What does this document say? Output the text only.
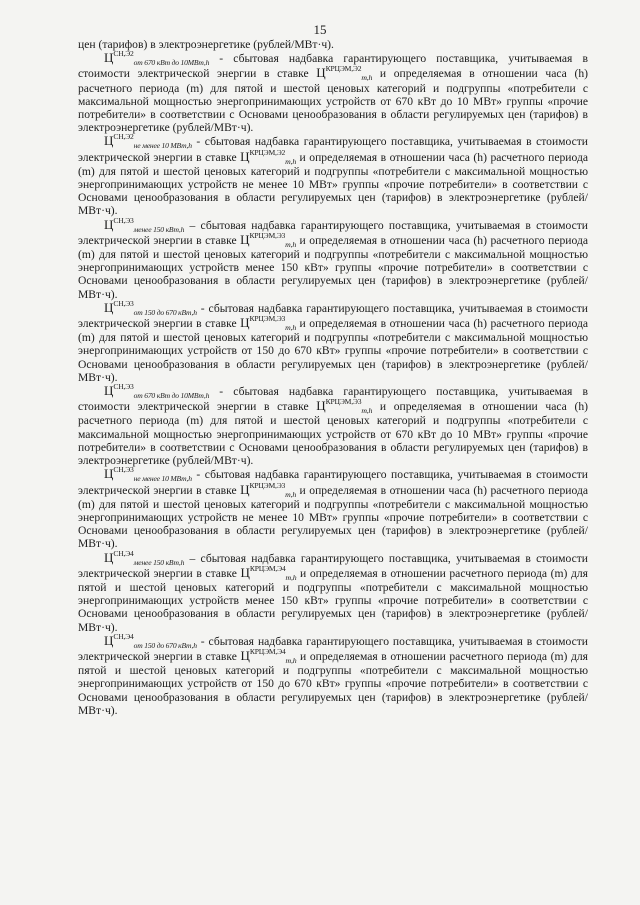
15

цен (тарифов) в электроэнергетике (рублей/МВт·ч).

$Ц^{СН,Э2}_{от 670 кВт до 10МВт,h}$ - сбытовая надбавка гарантирующего поставщика, учитываемая в стоимости электрической энергии в ставке $Ц^{КРЦЭМ,Э2}_{m,h}$ и определяемая в отношении часа (h) расчетного периода (m) для пятой и шестой ценовых категорий и подгруппы «потребители с максимальной мощностью энергопринимающих устройств от 670 кВт до 10 МВт» группы «прочие потребители» в соответствии с Основами ценообразования в области регулируемых цен (тарифов) в электроэнергетике (рублей/МВт·ч).

$Ц^{СН,Э2}_{не менее 10 МВт,h}$ - сбытовая надбавка гарантирующего поставщика, учитываемая в стоимости электрической энергии в ставке $Ц^{КРЦЭМ,Э2}_{m,h}$ и определяемая в отношении часа (h) расчетного периода (m) для пятой и шестой ценовых категорий и подгруппы «потребители с максимальной мощностью энергопринимающих устройств не менее 10 МВт» группы «прочие потребители» в соответствии с Основами ценообразования в области регулируемых цен (тарифов) в электроэнергетике (рублей/МВт·ч).

$Ц^{СН,Э3}_{менее 150 кВт,h}$ – сбытовая надбавка гарантирующего поставщика, учитываемая в стоимости электрической энергии в ставке $Ц^{КРЦЭМ,Э3}_{m,h}$ и определяемая в отношении часа (h) расчетного периода (m) для пятой и шестой ценовых категорий и подгруппы «потребители с максимальной мощностью энергопринимающих устройств менее 150 кВт» группы «прочие потребители» в соответствии с Основами ценообразования в области регулируемых цен (тарифов) в электроэнергетике (рублей/МВт·ч).

$Ц^{СН,Э3}_{от 150 до 670 кВт,h}$ - сбытовая надбавка гарантирующего поставщика, учитываемая в стоимости электрической энергии в ставке $Ц^{КРЦЭМ,Э3}_{m,h}$ и определяемая в отношении часа (h) расчетного периода (m) для пятой и шестой ценовых категорий и подгруппы «потребители с максимальной мощностью энергопринимающих устройств от 150 до 670 кВт» группы «прочие потребители» в соответствии с Основами ценообразования в области регулируемых цен (тарифов) в электроэнергетике (рублей/МВт·ч).

$Ц^{СН,Э3}_{от 670 кВт до 10МВт,h}$ - сбытовая надбавка гарантирующего поставщика, учитываемая в стоимости электрической энергии в ставке $Ц^{КРЦЭМ,Э3}_{m,h}$ и определяемая в отношении часа (h) расчетного периода (m) для пятой и шестой ценовых категорий и подгруппы «потребители с максимальной мощностью энергопринимающих устройств от 670 кВт до 10 МВт» группы «прочие потребители» в соответствии с Основами ценообразования в области регулируемых цен (тарифов) в электроэнергетике (рублей/МВт·ч).

$Ц^{СН,Э3}_{не менее 10 МВт,h}$ - сбытовая надбавка гарантирующего поставщика, учитываемая в стоимости электрической энергии в ставке $Ц^{КРЦЭМ,Э3}_{m,h}$ и определяемая в отношении часа (h) расчетного периода (m) для пятой и шестой ценовых категорий и подгруппы «потребители с максимальной мощностью энергопринимающих устройств не менее 10 МВт» группы «прочие потребители» в соответствии с Основами ценообразования в области регулируемых цен (тарифов) в электроэнергетике (рублей/МВт·ч).

$Ц^{СН,Э4}_{менее 150 кВт,h}$ – сбытовая надбавка гарантирующего поставщика, учитываемая в стоимости электрической энергии в ставке $Ц^{КРЦЭМ,Э4}_{m,h}$ и определяемая в отношении расчетного периода (m) для пятой и шестой ценовых категорий и подгруппы «потребители с максимальной мощностью энергопринимающих устройств менее 150 кВт» группы «прочие потребители» в соответствии с Основами ценообразования в области регулируемых цен (тарифов) в электроэнергетике (рублей/МВт·ч).

$Ц^{СН,Э4}_{от 150 до 670 кВт,h}$ - сбытовая надбавка гарантирующего поставщика, учитываемая в стоимости электрической энергии в ставке $Ц^{КРЦЭМ,Э4}_{m,h}$ и определяемая в отношении расчетного периода (m) для пятой и шестой ценовых категорий и подгруппы «потребители с максимальной мощностью энергопринимающих устройств от 150 до 670 кВт» группы «прочие потребители» в соответствии с Основами ценообразования в области регулируемых цен (тарифов) в электроэнергетике (рублей/МВт·ч).
